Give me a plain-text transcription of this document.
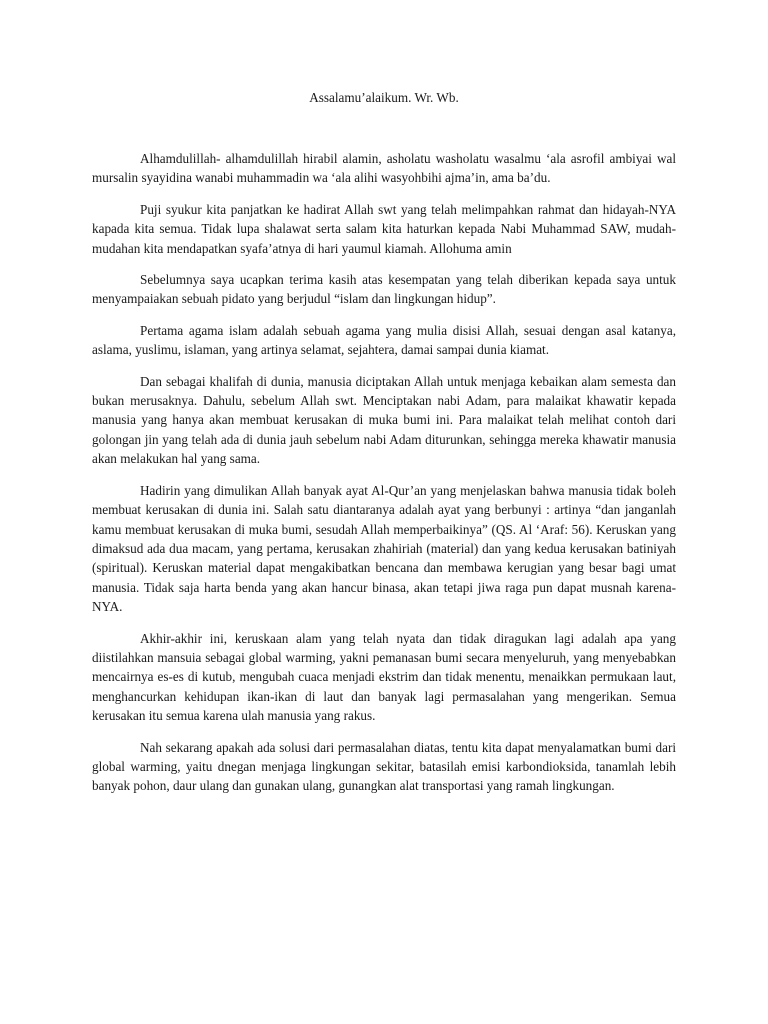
Assalamu’alaikum. Wr. Wb.

Alhamdulillah- alhamdulillah hirabil alamin, asholatu washolatu wasalmu ‘ala asrofil ambiyai wal mursalin syayidina wanabi muhammadin wa ‘ala alihi wasyohbihi ajma’in, ama ba’du.

Puji syukur kita panjatkan ke hadirat Allah swt yang telah melimpahkan rahmat dan hidayah-NYA kapada kita semua. Tidak lupa shalawat serta salam kita haturkan kepada Nabi Muhammad SAW, mudah-mudahan kita mendapatkan syafa’atnya di hari yaumul kiamah. Allohuma amin

Sebelumnya saya ucapkan terima kasih atas kesempatan yang telah diberikan kepada saya untuk menyampaiakan sebuah pidato yang berjudul “islam dan lingkungan hidup”.

Pertama agama islam adalah sebuah agama yang mulia disisi Allah, sesuai dengan asal katanya, aslama, yuslimu, islaman, yang artinya selamat, sejahtera, damai sampai dunia kiamat.

Dan sebagai khalifah di dunia, manusia diciptakan Allah untuk menjaga kebaikan alam semesta dan bukan merusaknya. Dahulu, sebelum Allah swt. Menciptakan nabi Adam, para malaikat khawatir kepada manusia yang hanya akan membuat kerusakan di muka bumi ini. Para malaikat telah melihat contoh dari golongan jin yang telah ada di dunia jauh sebelum nabi Adam diturunkan, sehingga mereka khawatir manusia akan melakukan hal yang sama.

Hadirin yang dimulikan Allah banyak ayat Al-Qur’an yang menjelaskan bahwa manusia tidak boleh membuat kerusakan di dunia ini. Salah satu diantaranya adalah ayat yang berbunyi : artinya “dan janganlah kamu membuat kerusakan di muka bumi, sesudah Allah memperbaikinya” (QS. Al ‘Araf: 56). Keruskan yang dimaksud ada dua macam, yang pertama, kerusakan zhahiriah (material) dan yang kedua kerusakan batiniyah (spiritual). Keruskan material dapat mengakibatkan bencana dan membawa kerugian yang besar bagi umat manusia. Tidak saja harta benda yang akan hancur binasa, akan tetapi jiwa raga pun dapat musnah karena-NYA.

Akhir-akhir ini, keruskaan alam yang telah nyata dan tidak diragukan lagi adalah apa yang diistilahkan mansuia sebagai global warming, yakni pemanasan bumi secara menyeluruh, yang menyebabkan mencairnya es-es di kutub, mengubah cuaca menjadi ekstrim dan tidak menentu, menaikkan permukaan laut, menghancurkan kehidupan ikan-ikan di laut dan banyak lagi permasalahan yang mengerikan. Semua kerusakan itu semua karena ulah manusia yang rakus.

Nah sekarang apakah ada solusi dari permasalahan diatas, tentu kita dapat menyalamatkan bumi dari global warming, yaitu dnegan menjaga lingkungan sekitar, batasilah emisi karbondioksida, tanamlah lebih banyak pohon, daur ulang dan gunakan ulang, gunangkan alat transportasi yang ramah lingkungan.
